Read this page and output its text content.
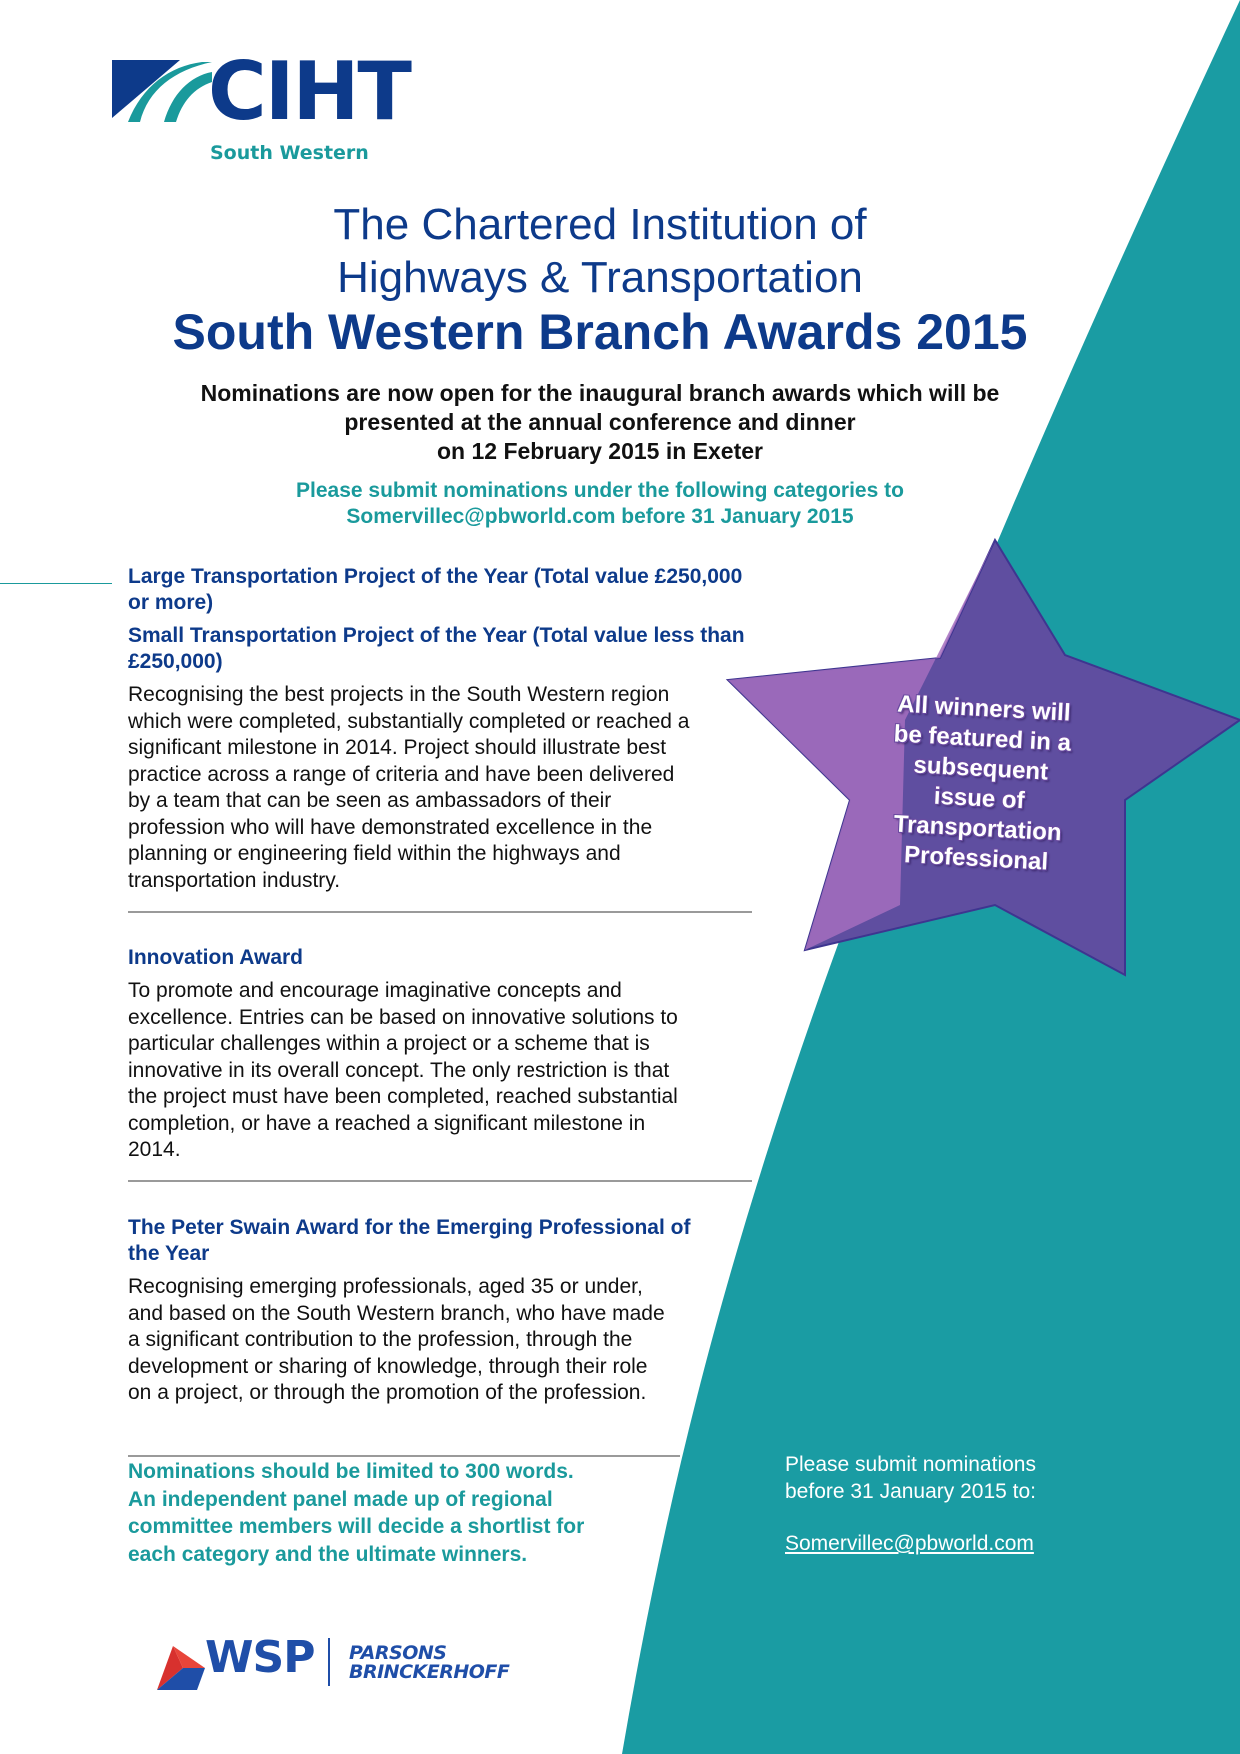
CIHT
South Western
The Chartered Institution of
Highways & Transportation
South Western Branch Awards 2015
Nominations are now open for the inaugural branch awards which will be
presented at the annual conference and dinner
on 12 February 2015 in Exeter
Please submit nominations under the following categories to
Somervillec@pbworld.com before 31 January 2015
Large Transportation Project of the Year (Total value £250,000 or more)
Small Transportation Project of the Year (Total value less than £250,000)
Recognising the best projects in the South Western region
which were completed, substantially completed or reached a
significant milestone in 2014. Project should illustrate best
practice across a range of criteria and have been delivered
by a team that can be seen as ambassadors of their
profession who will have demonstrated excellence in the
planning or engineering field within the highways and
transportation industry.
Innovation Award
To promote and encourage imaginative concepts and
excellence. Entries can be based on innovative solutions to
particular challenges within a project or a scheme that is
innovative in its overall concept. The only restriction is that
the project must have been completed, reached substantial
completion, or have a reached a significant milestone in
2014.
The Peter Swain Award for the Emerging Professional of
the Year
Recognising emerging professionals, aged 35 or under,
and based on the South Western branch, who have made
a significant contribution to the profession, through the
development or sharing of knowledge, through their role
on a project, or through the promotion of the profession.
Nominations should be limited to 300 words.
An independent panel made up of regional
committee members will decide a shortlist for
each category and the ultimate winners.
Please submit nominations
before 31 January 2015 to:
Somervillec@pbworld.com
All winners will
be featured in a
subsequent
issue of
Transportation
Professional
WSP PARSONS
BRINCKERHOFF
